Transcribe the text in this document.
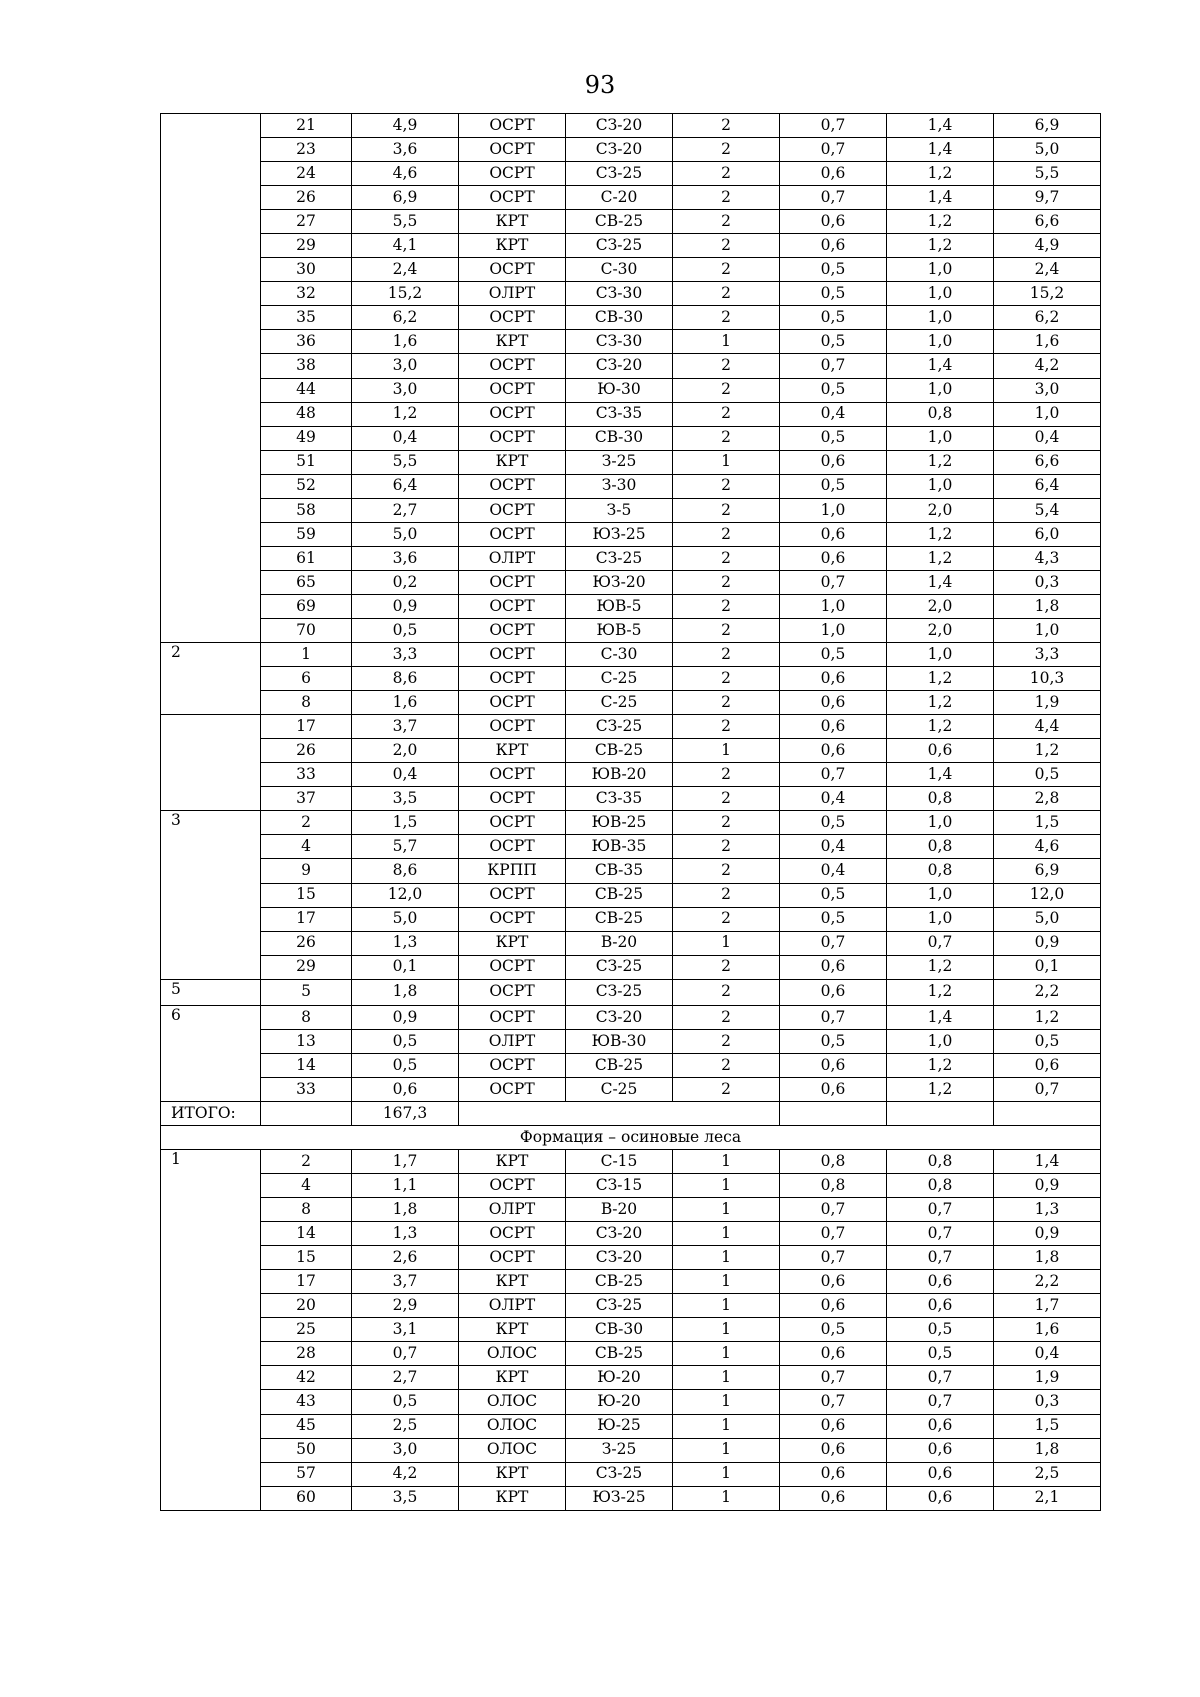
93
	21	4,9	ОСРТ	СЗ-20	2	0,7	1,4	6,9
	23	3,6	ОСРТ	СЗ-20	2	0,7	1,4	5,0
	24	4,6	ОСРТ	СЗ-25	2	0,6	1,2	5,5
	26	6,9	ОСРТ	С-20	2	0,7	1,4	9,7
	27	5,5	КРТ	СВ-25	2	0,6	1,2	6,6
	29	4,1	КРТ	СЗ-25	2	0,6	1,2	4,9
	30	2,4	ОСРТ	С-30	2	0,5	1,0	2,4
	32	15,2	ОЛРТ	СЗ-30	2	0,5	1,0	15,2
	35	6,2	ОСРТ	СВ-30	2	0,5	1,0	6,2
	36	1,6	КРТ	СЗ-30	1	0,5	1,0	1,6
	38	3,0	ОСРТ	СЗ-20	2	0,7	1,4	4,2
	44	3,0	ОСРТ	Ю-30	2	0,5	1,0	3,0
	48	1,2	ОСРТ	СЗ-35	2	0,4	0,8	1,0
	49	0,4	ОСРТ	СВ-30	2	0,5	1,0	0,4
	51	5,5	КРТ	З-25	1	0,6	1,2	6,6
	52	6,4	ОСРТ	З-30	2	0,5	1,0	6,4
	58	2,7	ОСРТ	З-5	2	1,0	2,0	5,4
	59	5,0	ОСРТ	ЮЗ-25	2	0,6	1,2	6,0
	61	3,6	ОЛРТ	СЗ-25	2	0,6	1,2	4,3
	65	0,2	ОСРТ	ЮЗ-20	2	0,7	1,4	0,3
	69	0,9	ОСРТ	ЮВ-5	2	1,0	2,0	1,8
	70	0,5	ОСРТ	ЮВ-5	2	1,0	2,0	1,0
2	1	3,3	ОСРТ	С-30	2	0,5	1,0	3,3
	6	8,6	ОСРТ	С-25	2	0,6	1,2	10,3
	8	1,6	ОСРТ	С-25	2	0,6	1,2	1,9
	17	3,7	ОСРТ	СЗ-25	2	0,6	1,2	4,4
	26	2,0	КРТ	СВ-25	1	0,6	0,6	1,2
	33	0,4	ОСРТ	ЮВ-20	2	0,7	1,4	0,5
	37	3,5	ОСРТ	СЗ-35	2	0,4	0,8	2,8
3	2	1,5	ОСРТ	ЮВ-25	2	0,5	1,0	1,5
	4	5,7	ОСРТ	ЮВ-35	2	0,4	0,8	4,6
	9	8,6	КРПП	СВ-35	2	0,4	0,8	6,9
	15	12,0	ОСРТ	СВ-25	2	0,5	1,0	12,0
	17	5,0	ОСРТ	СВ-25	2	0,5	1,0	5,0
	26	1,3	КРТ	В-20	1	0,7	0,7	0,9
	29	0,1	ОСРТ	СЗ-25	2	0,6	1,2	0,1
5	5	1,8	ОСРТ	СЗ-25	2	0,6	1,2	2,2
6	8	0,9	ОСРТ	СЗ-20	2	0,7	1,4	1,2
	13	0,5	ОЛРТ	ЮВ-30	2	0,5	1,0	0,5
	14	0,5	ОСРТ	СВ-25	2	0,6	1,2	0,6
	33	0,6	ОСРТ	С-25	2	0,6	1,2	0,7
ИТОГО:		167,3						
Формация – осиновые леса								
1	2	1,7	КРТ	С-15	1	0,8	0,8	1,4
	4	1,1	ОСРТ	СЗ-15	1	0,8	0,8	0,9
	8	1,8	ОЛРТ	В-20	1	0,7	0,7	1,3
	14	1,3	ОСРТ	СЗ-20	1	0,7	0,7	0,9
	15	2,6	ОСРТ	СЗ-20	1	0,7	0,7	1,8
	17	3,7	КРТ	СВ-25	1	0,6	0,6	2,2
	20	2,9	ОЛРТ	СЗ-25	1	0,6	0,6	1,7
	25	3,1	КРТ	СВ-30	1	0,5	0,5	1,6
	28	0,7	ОЛОС	СВ-25	1	0,6	0,5	0,4
	42	2,7	КРТ	Ю-20	1	0,7	0,7	1,9
	43	0,5	ОЛОС	Ю-20	1	0,7	0,7	0,3
	45	2,5	ОЛОС	Ю-25	1	0,6	0,6	1,5
	50	3,0	ОЛОС	З-25	1	0,6	0,6	1,8
	57	4,2	КРТ	СЗ-25	1	0,6	0,6	2,5
	60	3,5	КРТ	ЮЗ-25	1	0,6	0,6	2,1
